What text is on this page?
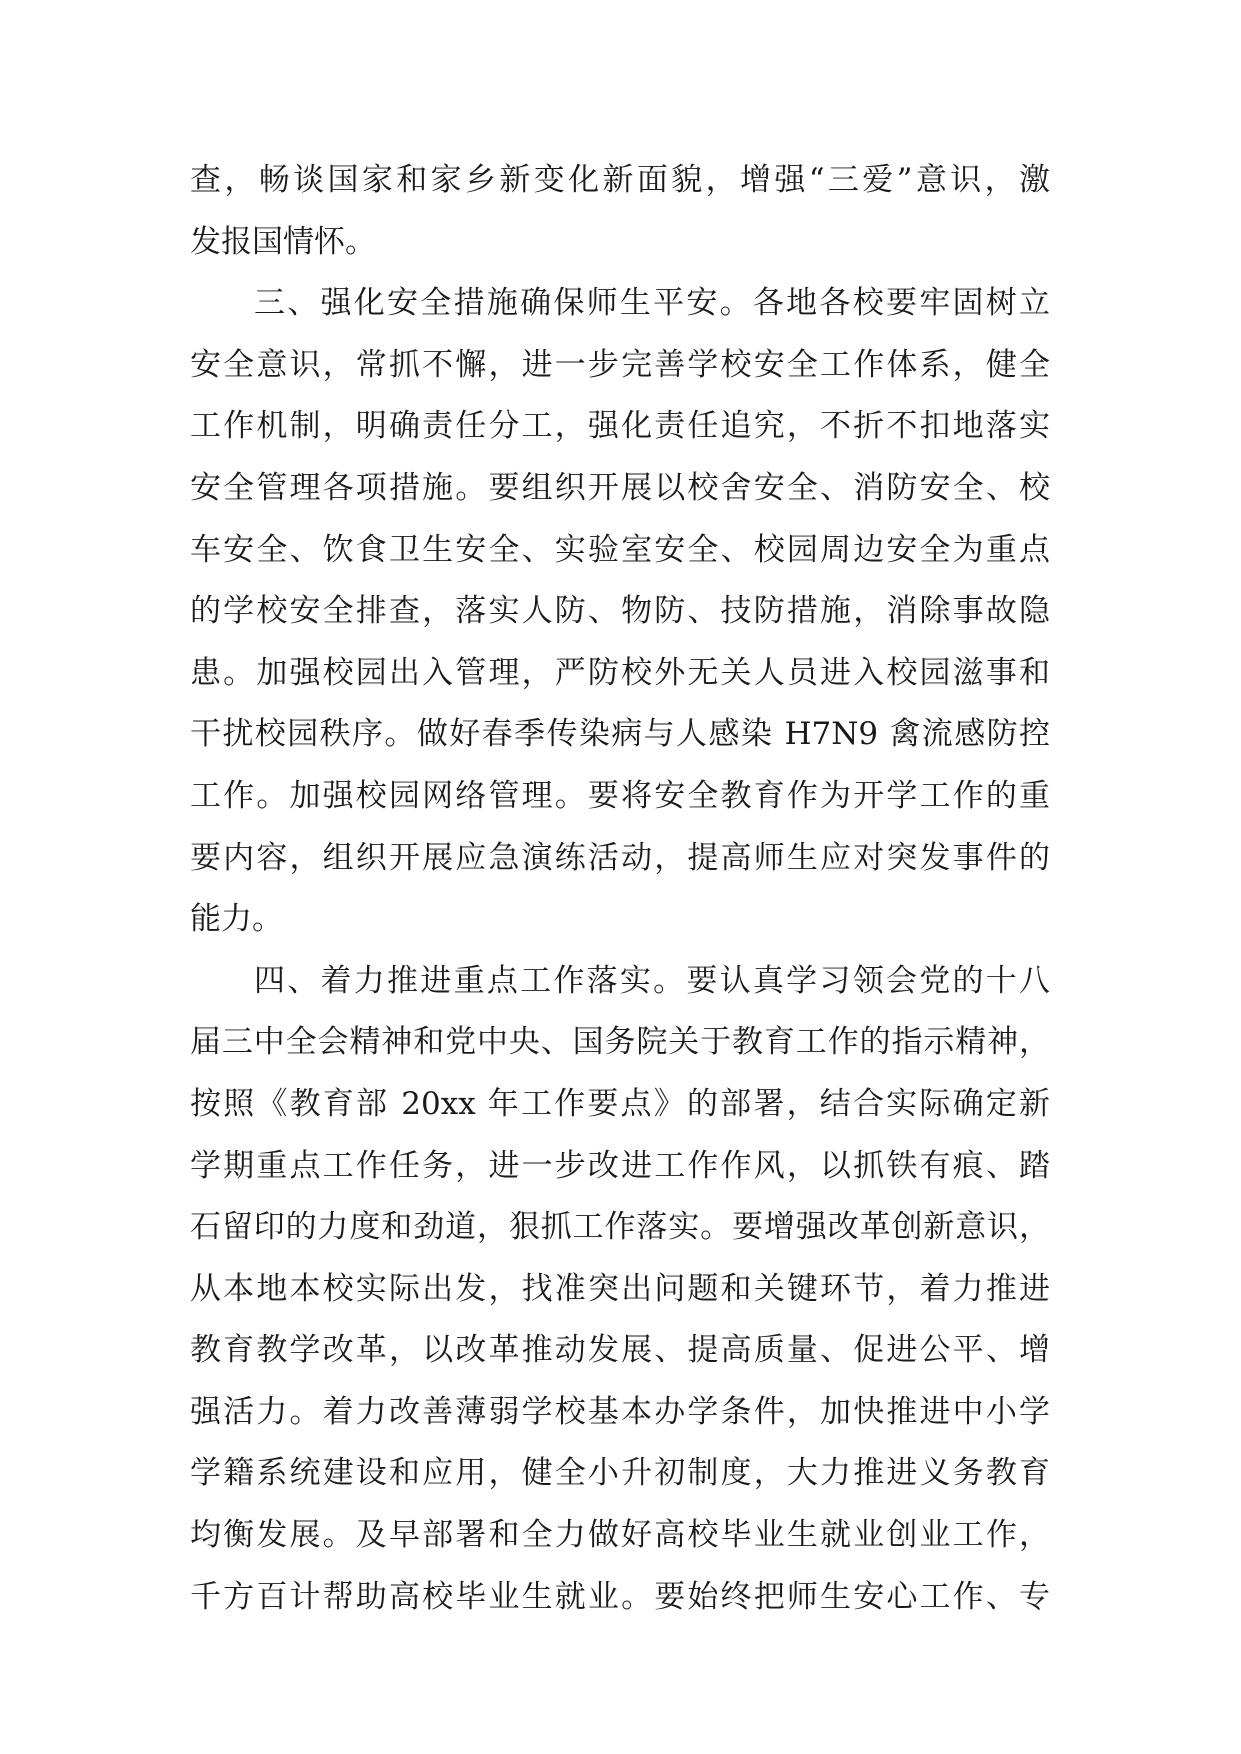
查，畅谈国家和家乡新变化新面貌，增强“三爱”意识，激
发报国情怀。
三、强化安全措施确保师生平安。各地各校要牢固树立
安全意识，常抓不懈，进一步完善学校安全工作体系，健全
工作机制，明确责任分工，强化责任追究，不折不扣地落实
安全管理各项措施。要组织开展以校舍安全、消防安全、校
车安全、饮食卫生安全、实验室安全、校园周边安全为重点
的学校安全排查，落实人防、物防、技防措施，消除事故隐
患。加强校园出入管理，严防校外无关人员进入校园滋事和
干扰校园秩序。做好春季传染病与人感染 H7N9 禽流感防控
工作。加强校园网络管理。要将安全教育作为开学工作的重
要内容，组织开展应急演练活动，提高师生应对突发事件的
能力。
四、着力推进重点工作落实。要认真学习领会党的十八
届三中全会精神和党中央、国务院关于教育工作的指示精神，
按照《教育部 20xx 年工作要点》的部署，结合实际确定新
学期重点工作任务，进一步改进工作作风，以抓铁有痕、踏
石留印的力度和劲道，狠抓工作落实。要增强改革创新意识，
从本地本校实际出发，找准突出问题和关键环节，着力推进
教育教学改革，以改革推动发展、提高质量、促进公平、增
强活力。着力改善薄弱学校基本办学条件，加快推进中小学
学籍系统建设和应用，健全小升初制度，大力推进义务教育
均衡发展。及早部署和全力做好高校毕业生就业创业工作，
千方百计帮助高校毕业生就业。要始终把师生安心工作、专
